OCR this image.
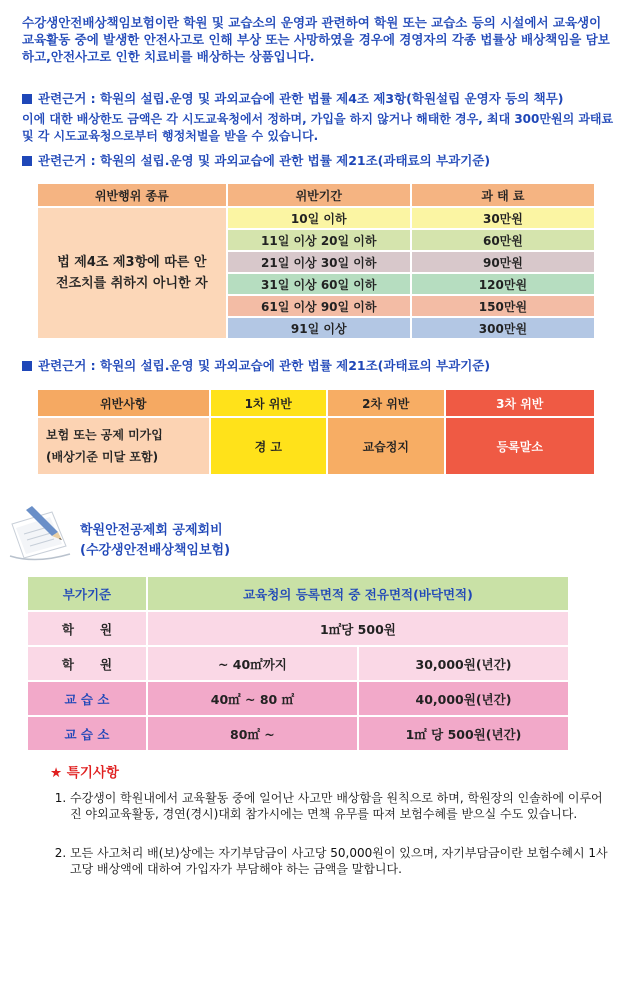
수강생안전배상책임보험이란 학원 및 교습소의 운영과 관련하여 학원 또는 교습소 등의 시설에서 교육생이 교육활동 중에 발생한 안전사고로 인해 부상 또는 사망하였을 경우에 경영자의 각종 법률상 배상책임을 담보하고,안전사고로 인한 치료비를 배상하는 상품입니다.
관련근거 : 학원의 설립.운영 및 과외교습에 관한 법률 제4조 제3항(학원설립 운영자 등의 책무)
이에 대한 배상한도 금액은 각 시도교육청에서 정하며, 가입을 하지 않거나 해태한 경우, 최대 300만원의 과태료 및 각 시도교육청으로부터 행정처벌을 받을 수 있습니다.
관련근거 : 학원의 설립.운영 및 과외교습에 관한 법률 제21조(과태료의 부과기준)
위반행위 종류	위반기간	과 태 료
법 제4조 제3항에 따른 안전조치를 취하지 아니한 자	10일 이하	30만원
	11일 이상 20일 이하	60만원
	21일 이상 30일 이하	90만원
	31일 이상 60일 이하	120만원
	61일 이상 90일 이하	150만원
	91일 이상	300만원
관련근거 : 학원의 설립.운영 및 과외교습에 관한 법률 제21조(과태료의 부과기준)
위반사항	1차 위반	2차 위반	3차 위반

보험 또는 공제 미가입
(배상기준 미달 포함)	경 고	교습정지	등록말소
학원안전공제회 공제회비
(수강생안전배상책임보험)
부가기준	교육청의 등록면적 중 전유면적(바닥면적)	
학      원	1㎡당 500원	
학      원	~ 40㎡까지	30,000원(년간)
교 습 소	40㎡ ~ 80 ㎡	40,000원(년간)
교 습 소	80㎡ ~	1㎡ 당 500원(년간)
★ 특기사항
1. 수강생이 학원내에서 교육활동 중에 일어난 사고만 배상함을 원칙으로 하며, 학원장의 인솔하에 이루어진 야외교육활동, 경연(경시)대회 참가시에는 면책 유무를 따져 보험수혜를 받으실 수도 있습니다.
2. 모든 사고처리 배(보)상에는 자기부담금이 사고당 50,000원이 있으며, 자기부담금이란 보험수혜시 1사고당 배상액에 대하여 가입자가 부담해야 하는 금액을 말합니다.
